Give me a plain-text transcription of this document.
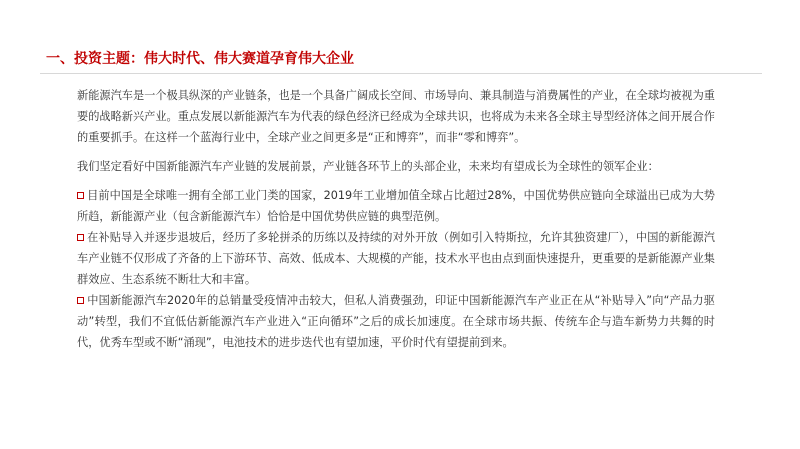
一、投资主题：伟大时代、伟大赛道孕育伟大企业

新能源汽车是一个极具纵深的产业链条，也是一个具备广阔成长空间、市场导向、兼具制造与消费属性的产业，在全球均被视为重要的战略新兴产业。重点发展以新能源汽车为代表的绿色经济已经成为全球共识，也将成为未来各全球主导型经济体之间开展合作的重要抓手。在这样一个蓝海行业中，全球产业之间更多是“正和博弈”，而非“零和博弈”。

我们坚定看好中国新能源汽车产业链的发展前景，产业链各环节上的头部企业，未来均有望成长为全球性的领军企业：

目前中国是全球唯一拥有全部工业门类的国家，2019年工业增加值全球占比超过28%，中国优势供应链向全球溢出已成为大势所趋，新能源产业（包含新能源汽车）恰恰是中国优势供应链的典型范例。

在补贴导入并逐步退坡后，经历了多轮拼杀的历练以及持续的对外开放（例如引入特斯拉，允许其独资建厂），中国的新能源汽车产业链不仅形成了齐备的上下游环节、高效、低成本、大规模的产能，技术水平也由点到面快速提升，更重要的是新能源产业集群效应、生态系统不断壮大和丰富。

中国新能源汽车2020年的总销量受疫情冲击较大，但私人消费强劲，印证中国新能源汽车产业正在从“补贴导入”向“产品力驱动”转型，我们不宜低估新能源汽车产业进入“正向循环”之后的成长加速度。在全球市场共振、传统车企与造车新势力共舞的时代，优秀车型或不断“涌现”，电池技术的进步迭代也有望加速，平价时代有望提前到来。
